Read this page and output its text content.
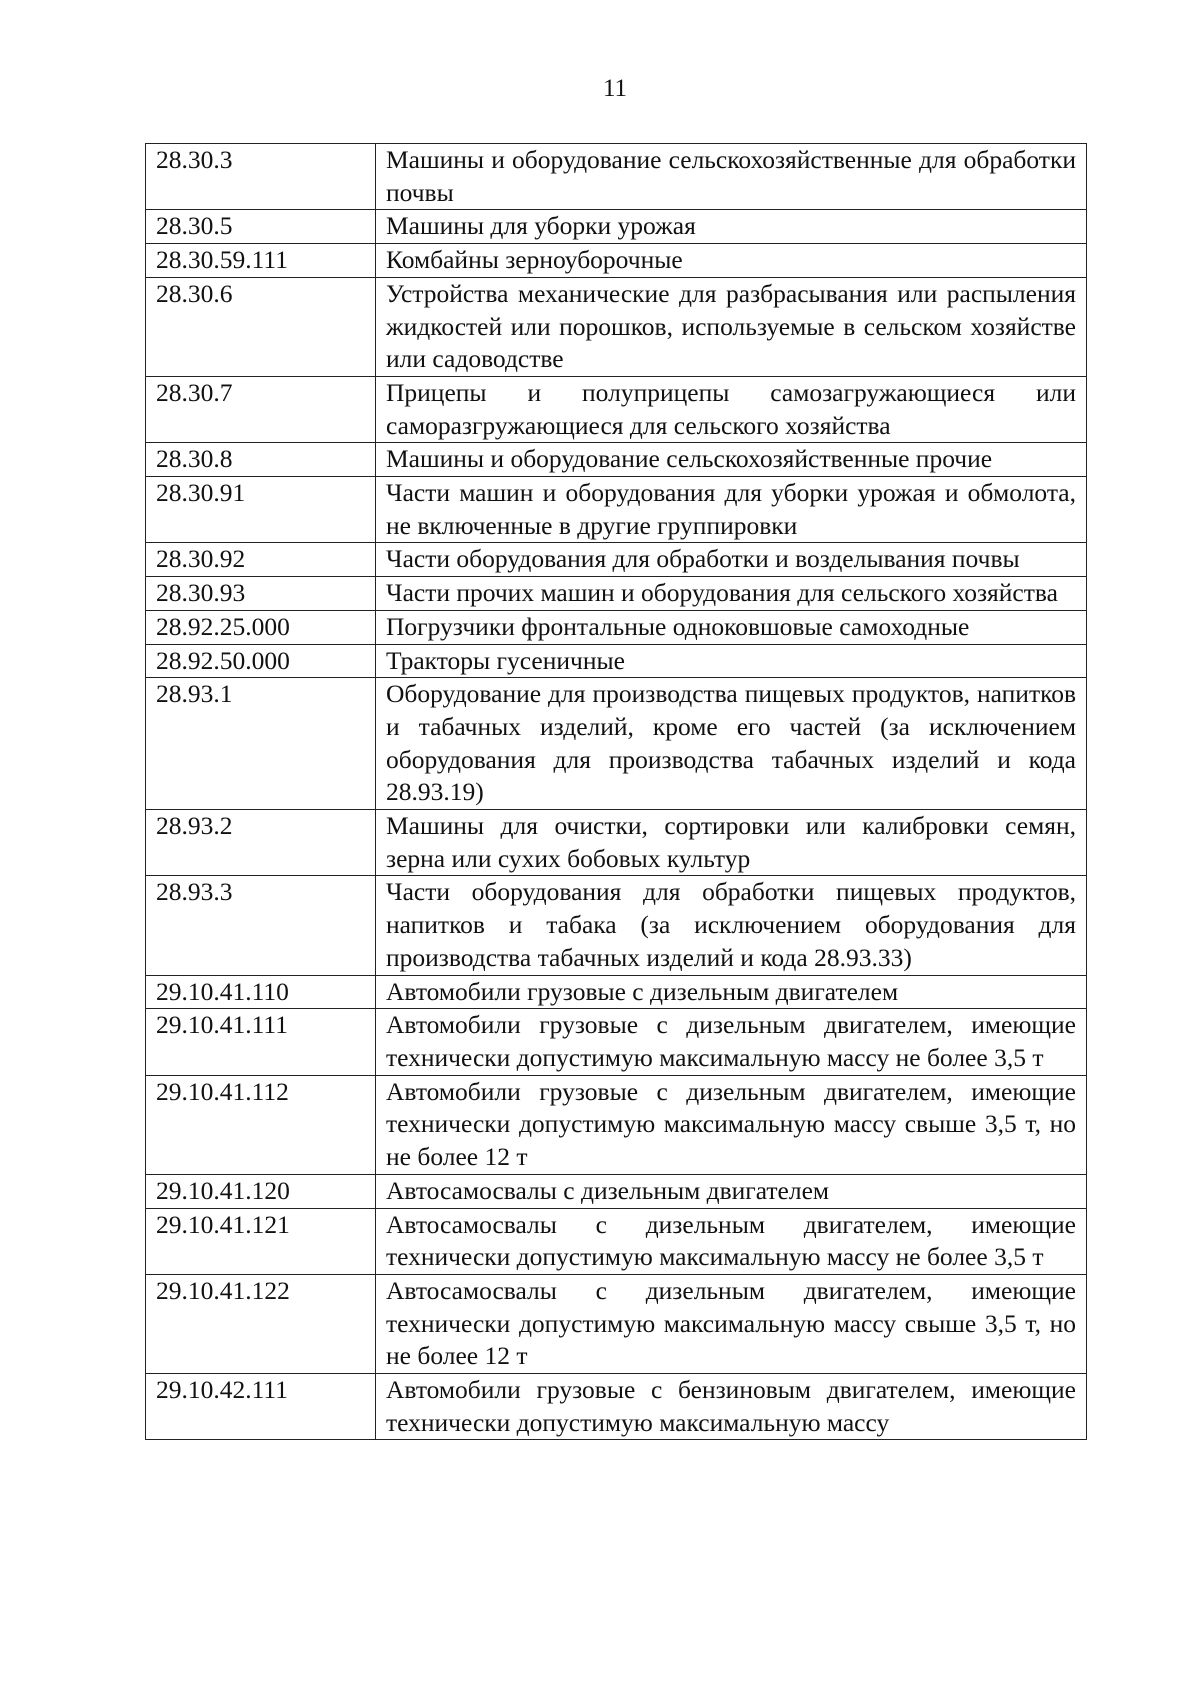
11
28.30.3	Машины и оборудование сельскохозяйственные для обработки почвы
28.30.5	Машины для уборки урожая
28.30.59.111	Комбайны зерноуборочные
28.30.6	Устройства механические для разбрасывания или распыления жидкостей или порошков, используемые в сельском хозяйстве или садоводстве
28.30.7	Прицепы и полуприцепы самозагружающиеся или саморазгружающиеся для сельского хозяйства
28.30.8	Машины и оборудование сельскохозяйственные прочие
28.30.91	Части машин и оборудования для уборки урожая и обмолота, не включенные в другие группировки
28.30.92	Части оборудования для обработки и возделывания почвы
28.30.93	Части прочих машин и оборудования для сельского хозяйства
28.92.25.000	Погрузчики фронтальные одноковшовые самоходные
28.92.50.000	Тракторы гусеничные
28.93.1	Оборудование для производства пищевых продуктов, напитков и табачных изделий, кроме его частей (за исключением оборудования для производства табачных изделий и кода 28.93.19)
28.93.2	Машины для очистки, сортировки или калибровки семян, зерна или сухих бобовых культур
28.93.3	Части оборудования для обработки пищевых продуктов, напитков и табака (за исключением оборудования для производства табачных изделий и кода 28.93.33)
29.10.41.110	Автомобили грузовые с дизельным двигателем
29.10.41.111	Автомобили грузовые с дизельным двигателем, имеющие технически допустимую максимальную массу не более 3,5 т
29.10.41.112	Автомобили грузовые с дизельным двигателем, имеющие технически допустимую максимальную массу свыше 3,5 т, но не более 12 т
29.10.41.120	Автосамосвалы с дизельным двигателем
29.10.41.121	Автосамосвалы с дизельным двигателем, имеющие технически допустимую максимальную массу не более 3,5 т
29.10.41.122	Автосамосвалы с дизельным двигателем, имеющие технически допустимую максимальную массу свыше 3,5 т, но не более 12 т
29.10.42.111	Автомобили грузовые с бензиновым двигателем, имеющие технически допустимую максимальную массу
